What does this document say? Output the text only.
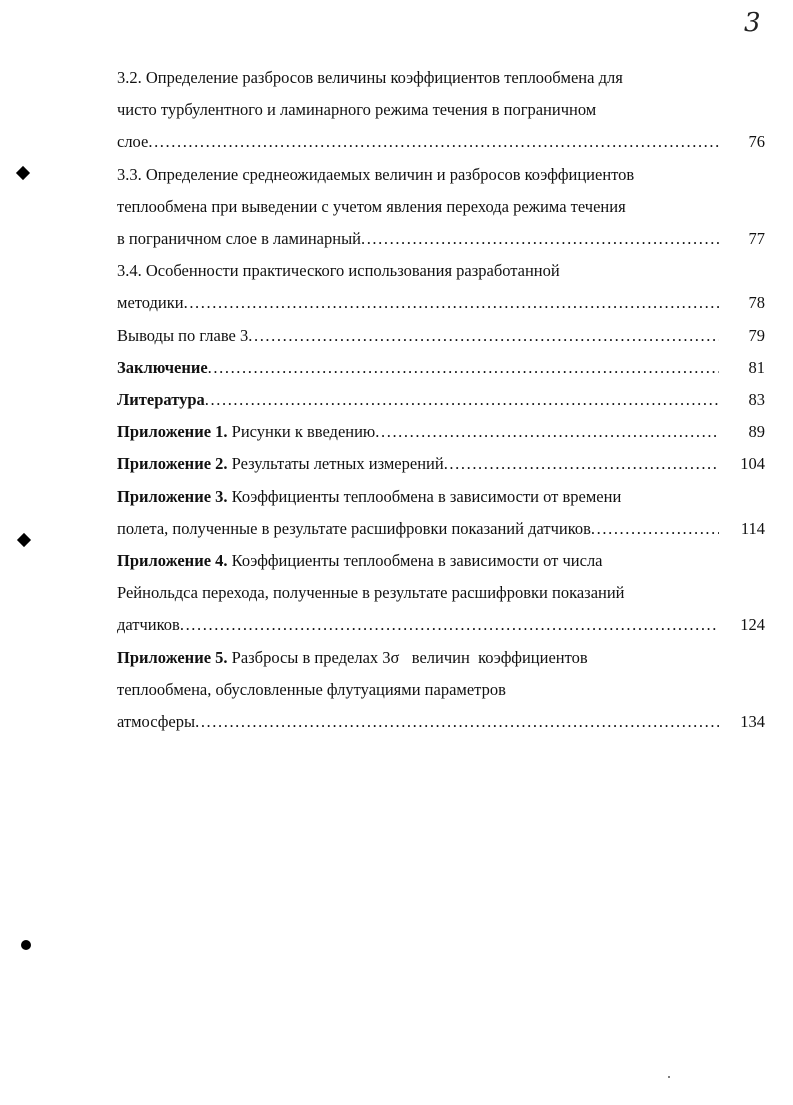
3
3.2. Определение разбросов величины коэффициентов теплообмена для
чисто турбулентного и ламинарного режима течения в пограничном
слое .....	76
3.3. Определение среднеожидаемых величин и разбросов коэффициентов
теплообмена при выведении с учетом явления перехода режима течения
в пограничном слое в ламинарный .....	77
3.4. Особенности практического использования разработанной
методики .....	78
Выводы по главе 3 .....	79
Заключение .....	81
Литература .....	83
Приложение 1. Рисунки к введению .....	89
Приложение 2. Результаты летных измерений .....	104
Приложение 3. Коэффициенты теплообмена в зависимости от времени
полета, полученные в результате расшифровки показаний датчиков .....	114
Приложение 4. Коэффициенты теплообмена в зависимости от числа
Рейнольдса перехода, полученные в результате расшифровки показаний
датчиков .....	124
Приложение 5. Разбросы в пределах 3σ   величин  коэффициентов
теплообмена, обусловленные флутуациями параметров
атмосферы .....	134
